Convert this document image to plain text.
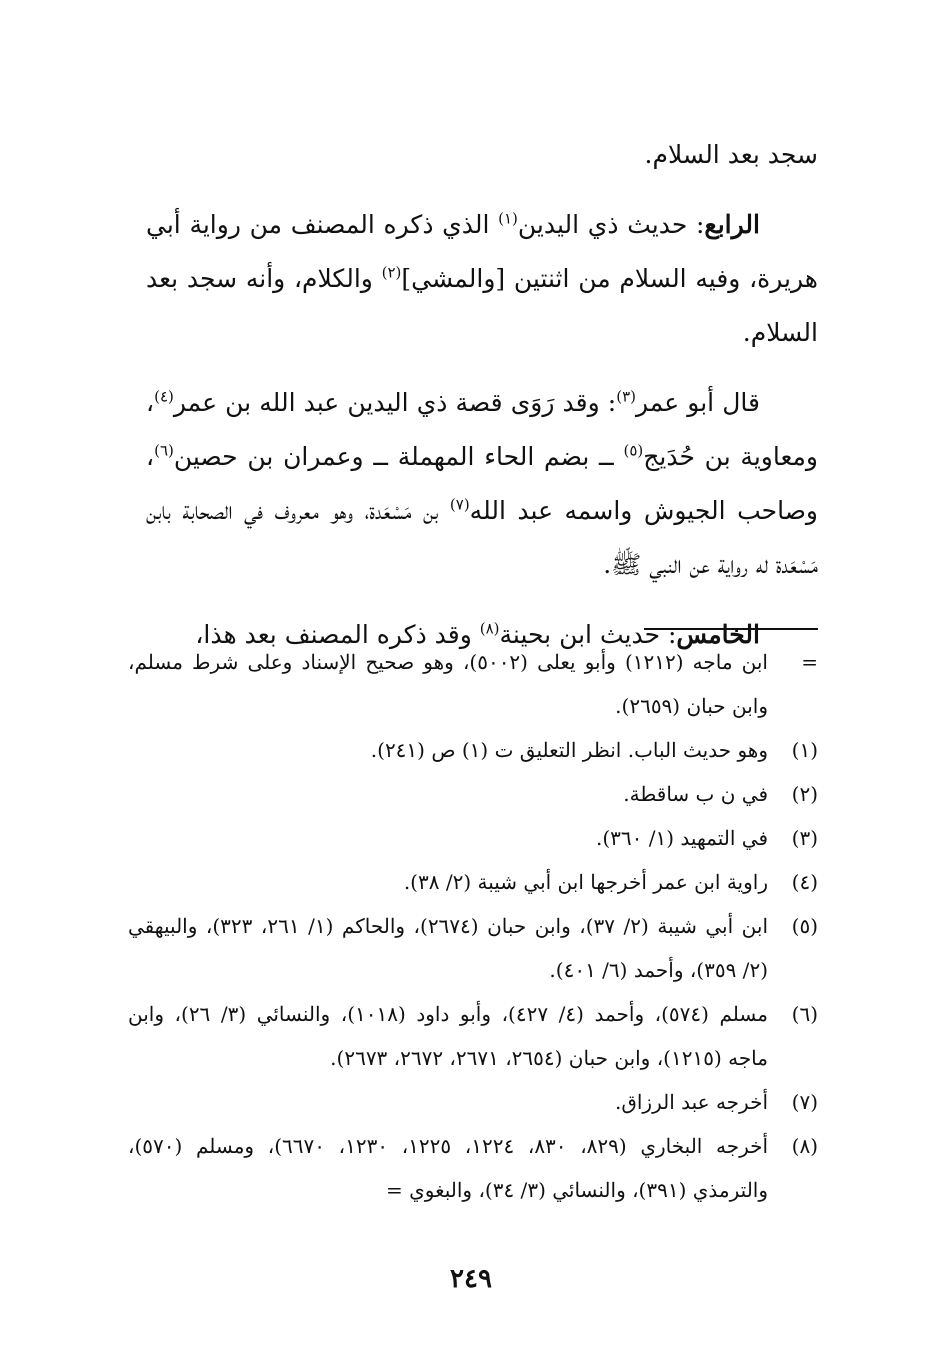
سجد بعد السلام.

الرابع: حديث ذي اليدين$^{(١)}$ الذي ذكره المصنف من رواية أبي هريرة، وفيه السلام من اثنتين [والمشي]$^{(٢)}$ والكلام، وأنه سجد بعد السلام.

قال أبو عمر$^{(٣)}$: وقد رَوَى قصة ذي اليدين عبد الله بن عمر$^{(٤)}$، ومعاوية بن حُدَيج$^{(٥)}$ ــ بضم الحاء المهملة ــ وعمران بن حصين$^{(٦)}$، وصاحب الجيوش واسمه عبد الله$^{(٧)}$ بن مَسْعَدة، وهو معروف في الصحابة بابن مَسْعَدة له رواية عن النبي ﷺ.

الخامس: حديث ابن بحينة$^{(٨)}$ وقد ذكره المصنف بعد هذا،

=
ابن ماجه (١٢١٢) وأبو يعلى (٥٠٠٢)، وهو صحيح الإسناد وعلى شرط مسلم، وابن حبان (٢٦٥٩).
(١)
وهو حديث الباب. انظر التعليق ت (١) ص (٢٤١).
(٢)
في ن ب ساقطة.
(٣)
في التمهيد (١/ ٣٦٠).
(٤)
راوية ابن عمر أخرجها ابن أبي شيبة (٢/ ٣٨).
(٥)
ابن أبي شيبة (٢/ ٣٧)، وابن حبان (٢٦٧٤)، والحاكم (١/ ٢٦١، ٣٢٣)، والبيهقي (٢/ ٣٥٩)، وأحمد (٦/ ٤٠١).
(٦)
مسلم (٥٧٤)، وأحمد (٤/ ٤٢٧)، وأبو داود (١٠١٨)، والنسائي (٣/ ٢٦)، وابن ماجه (١٢١٥)، وابن حبان (٢٦٥٤، ٢٦٧١، ٢٦٧٢، ٢٦٧٣).
(٧)
أخرجه عبد الرزاق.
(٨)
أخرجه البخاري (٨٢٩، ٨٣٠، ١٢٢٤، ١٢٢٥، ١٢٣٠، ٦٦٧٠)، ومسلم (٥٧٠)، والترمذي (٣٩١)، والنسائي (٣/ ٣٤)، والبغوي =
٢٤٩
